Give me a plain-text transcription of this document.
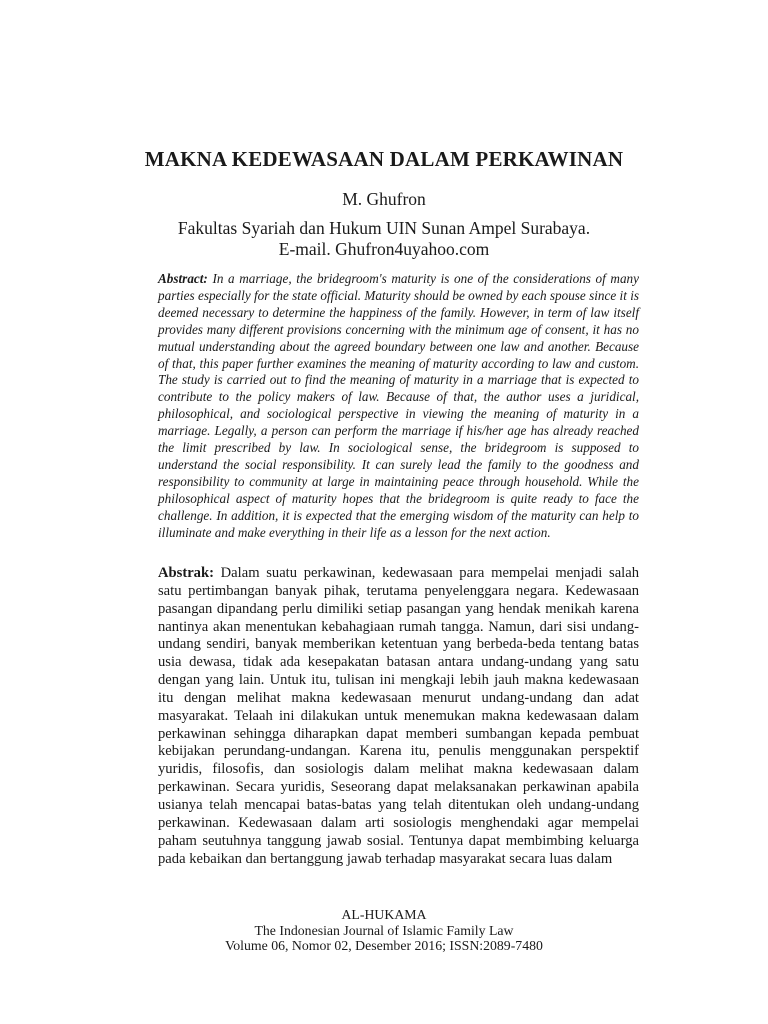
MAKNA KEDEWASAAN DALAM PERKAWINAN

M. Ghufron

Fakultas Syariah dan Hukum UIN Sunan Ampel Surabaya.
E-mail. Ghufron4uyahoo.com

Abstract: In a marriage, the bridegroom's maturity is one of the considerations of many parties especially for the state official. Maturity should be owned by each spouse since it is deemed necessary to determine the happiness of the family. However, in term of law itself provides many different provisions concerning with the minimum age of consent, it has no mutual understanding about the agreed boundary between one law and another. Because of that, this paper further examines the meaning of maturity according to law and custom. The study is carried out to find the meaning of maturity in a marriage that is expected to contribute to the policy makers of law. Because of that, the author uses a juridical, philosophical, and sociological perspective in viewing the meaning of maturity in a marriage. Legally, a person can perform the marriage if his/her age has already reached the limit prescribed by law. In sociological sense, the bridegroom is supposed to understand the social responsibility. It can surely lead the family to the goodness and responsibility to community at large in maintaining peace through household. While the philosophical aspect of maturity hopes that the bridegroom is quite ready to face the challenge. In addition, it is expected that the emerging wisdom of the maturity can help to illuminate and make everything in their life as a lesson for the next action.

Abstrak: Dalam suatu perkawinan, kedewasaan para mempelai menjadi salah satu pertimbangan banyak pihak, terutama penyelenggara negara. Kedewasaan pasangan dipandang perlu dimiliki setiap pasangan yang hendak menikah karena nantinya akan menentukan kebahagiaan rumah tangga. Namun, dari sisi undang-undang sendiri, banyak memberikan ketentuan yang berbeda-beda tentang batas usia dewasa, tidak ada kesepakatan batasan antara undang-undang yang satu dengan yang lain. Untuk itu, tulisan ini mengkaji lebih jauh makna kedewasaan itu dengan melihat makna kedewasaan menurut undang-undang dan adat masyarakat. Telaah ini dilakukan untuk menemukan makna kedewasaan dalam perkawinan sehingga diharapkan dapat memberi sumbangan kepada pembuat kebijakan perundang-undangan. Karena itu, penulis menggunakan perspektif yuridis, filosofis, dan sosiologis dalam melihat makna kedewasaan dalam perkawinan. Secara yuridis, Seseorang dapat melaksanakan perkawinan apabila usianya telah mencapai batas-batas yang telah ditentukan oleh undang-undang perkawinan. Kedewasaan dalam arti sosiologis menghendaki agar mempelai paham seutuhnya tanggung jawab sosial. Tentunya dapat membimbing keluarga pada kebaikan dan bertanggung jawab terhadap masyarakat secara luas dalam

AL-HUKAMA
The Indonesian Journal of Islamic Family Law
Volume 06, Nomor 02, Desember 2016; ISSN:2089-7480
